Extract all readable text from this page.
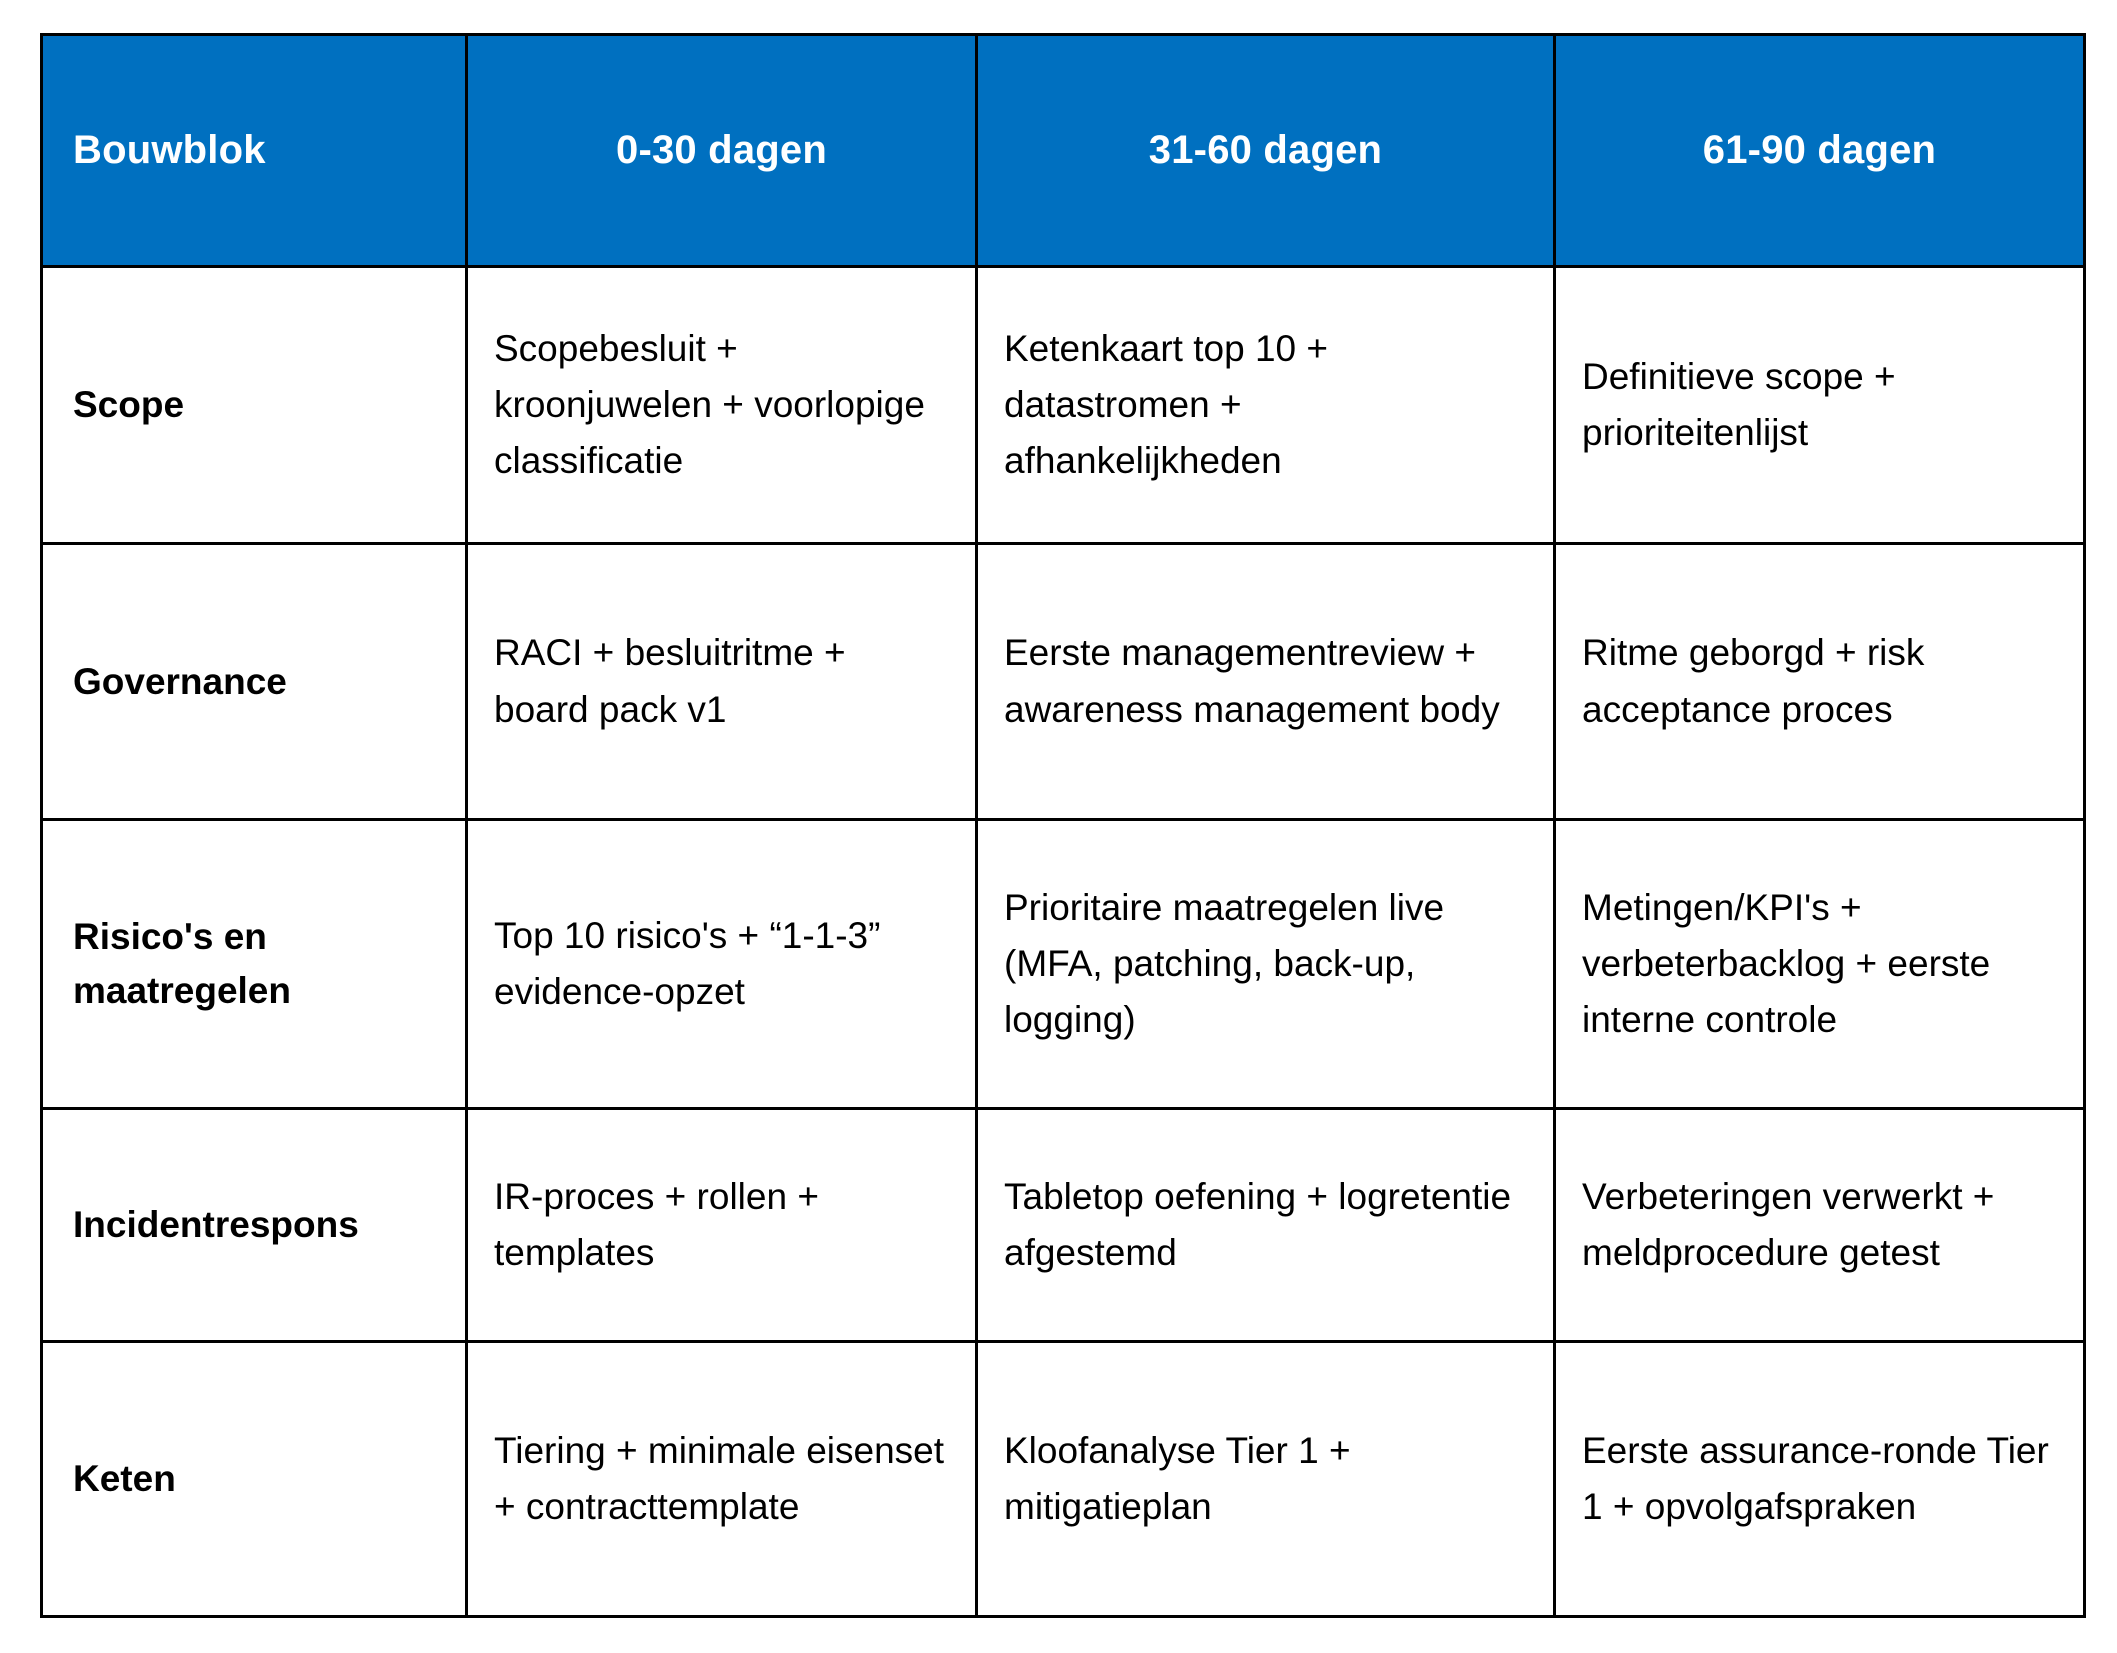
Bouwblok	0-30 dagen	31-60 dagen	61-90 dagen
Scope	Scopebesluit + kroonjuwelen + voorlopige classificatie	Ketenkaart top 10 + datastromen + afhankelijkheden	Definitieve scope + prioriteitenlijst
Governance	RACI + besluitritme + board pack v1	Eerste managementreview + awareness management body	Ritme geborgd + risk acceptance proces
Risico's en maatregelen	Top 10 risico's + “1-1-3” evidence-opzet	Prioritaire maatregelen live (MFA, patching, back-up, logging)	Metingen/KPI's + verbeterbacklog + eerste interne controle
Incidentrespons	IR-proces + rollen + templates	Tabletop oefening + logretentie afgestemd	Verbeteringen verwerkt + meldprocedure getest
Keten	Tiering + minimale eisenset + contracttemplate	Kloofanalyse Tier 1 + mitigatieplan	Eerste assurance-ronde Tier 1 + opvolgafspraken
